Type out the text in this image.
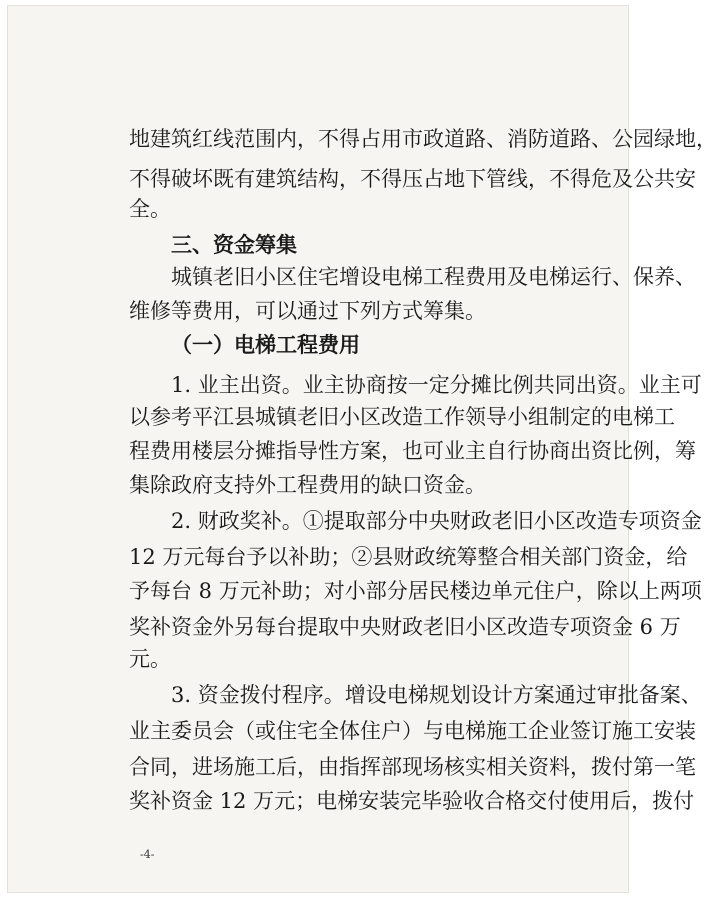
地建筑红线范围内，不得占用市政道路、消防道路、公园绿地，
不得破坏既有建筑结构，不得压占地下管线，不得危及公共安
全。
三、资金筹集
城镇老旧小区住宅增设电梯工程费用及电梯运行、保养、
维修等费用，可以通过下列方式筹集。
（一）电梯工程费用
1. 业主出资。业主协商按一定分摊比例共同出资。业主可
以参考平江县城镇老旧小区改造工作领导小组制定的电梯工
程费用楼层分摊指导性方案，也可业主自行协商出资比例，筹
集除政府支持外工程费用的缺口资金。
2. 财政奖补。①提取部分中央财政老旧小区改造专项资金
12 万元每台予以补助；②县财政统筹整合相关部门资金，给
予每台 8 万元补助；对小部分居民楼边单元住户，除以上两项
奖补资金外另每台提取中央财政老旧小区改造专项资金 6 万
元。
3. 资金拨付程序。增设电梯规划设计方案通过审批备案、
业主委员会（或住宅全体住户）与电梯施工企业签订施工安装
合同，进场施工后，由指挥部现场核实相关资料，拨付第一笔
奖补资金 12 万元；电梯安装完毕验收合格交付使用后，拨付
-4-
